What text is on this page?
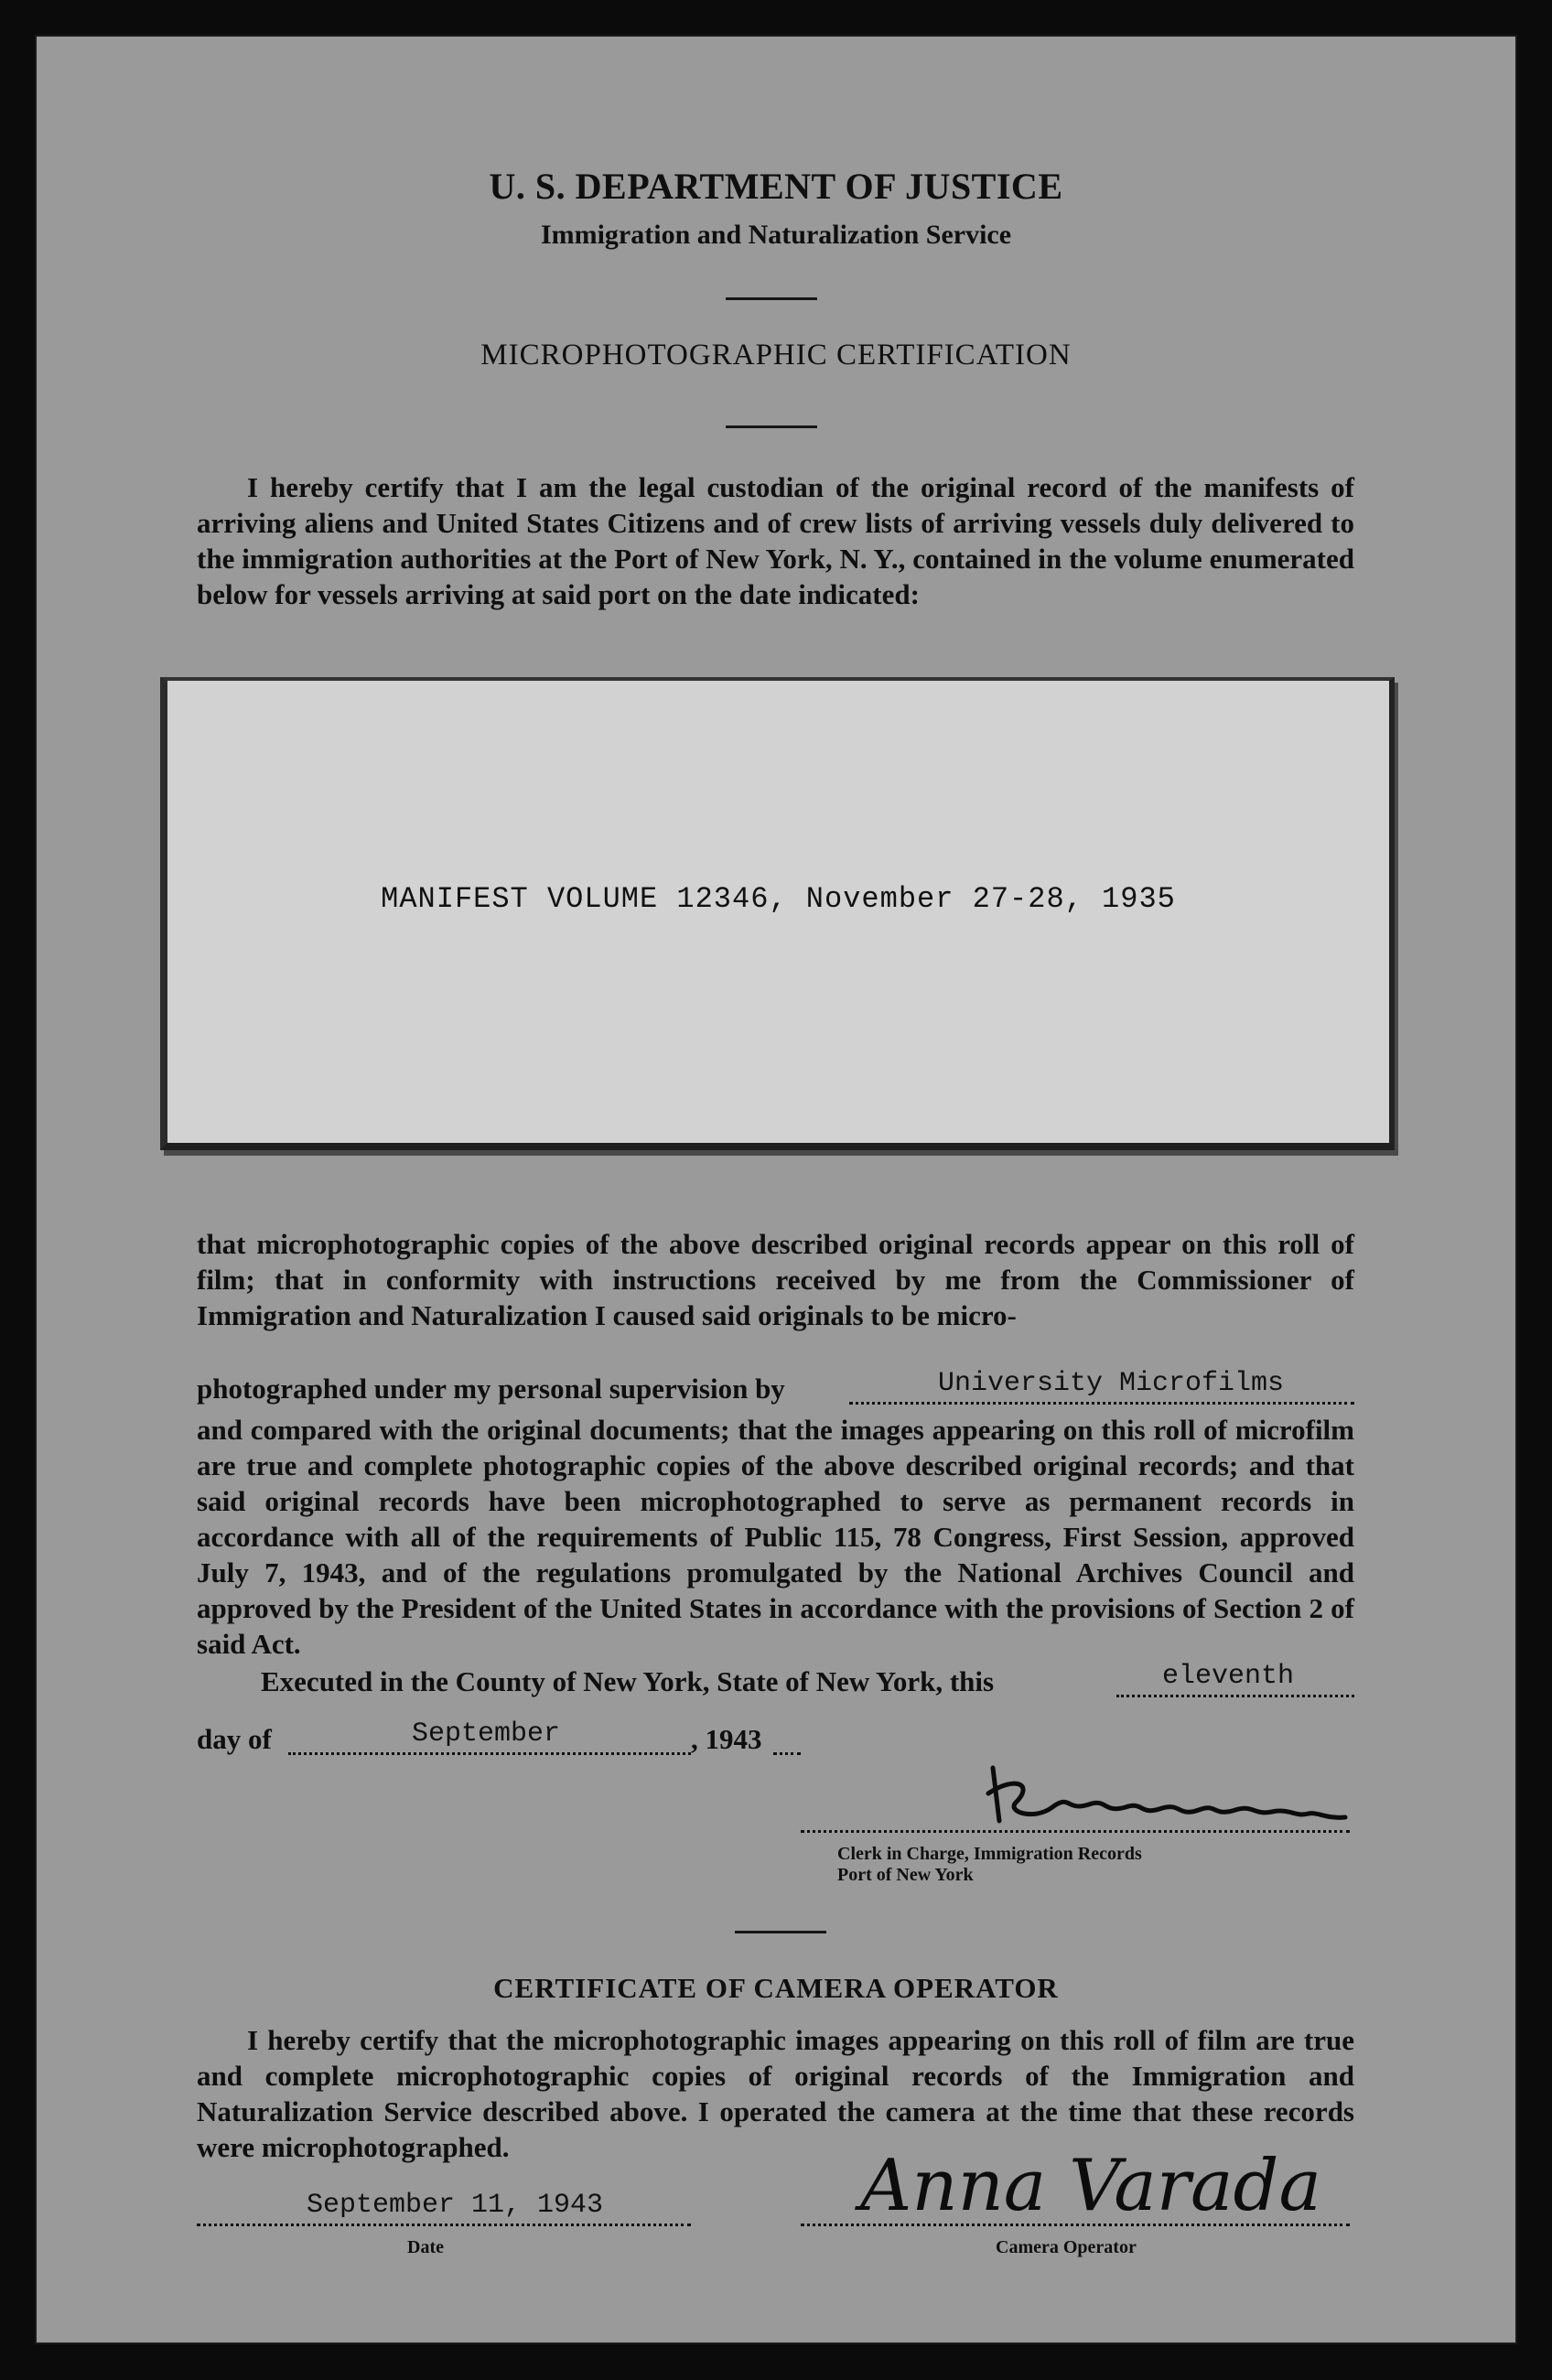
U. S. DEPARTMENT OF JUSTICE
Immigration and Naturalization Service
MICROPHOTOGRAPHIC CERTIFICATION
I hereby certify that I am the legal custodian of the original record of the manifests of arriving aliens and United States Citizens and of crew lists of arriving vessels duly delivered to the immigration authorities at the Port of New York, N. Y., contained in the volume enumerated below for vessels arriving at said port on the date indicated:
MANIFEST VOLUME 12346, November 27-28, 1935
that microphotographic copies of the above described original records appear on this roll of film; that in conformity with instructions received by me from the Commissioner of Immigration and Naturalization I caused said originals to be micro-
photographed under my personal supervision by	University Microfilms
and compared with the original documents; that the images appearing on this roll of microfilm are true and complete photographic copies of the above described original records; and that said original records have been microphotographed to serve as permanent records in accordance with all of the requirements of Public 115, 78 Congress, First Session, approved July 7, 1943, and of the regulations promulgated by the National Archives Council and approved by the President of the United States in accordance with the provisions of Section 2 of said Act.
Executed in the County of New York, State of New York, this	eleventh
day of	September	, 1943
Clerk in Charge, Immigration Records
Port of New York
CERTIFICATE OF CAMERA OPERATOR
I hereby certify that the microphotographic images appearing on this roll of film are true and complete microphotographic copies of original records of the Immigration and Naturalization Service described above. I operated the camera at the time that these records were microphotographed.
September 11, 1943
Date
Anna Varada
Camera Operator
